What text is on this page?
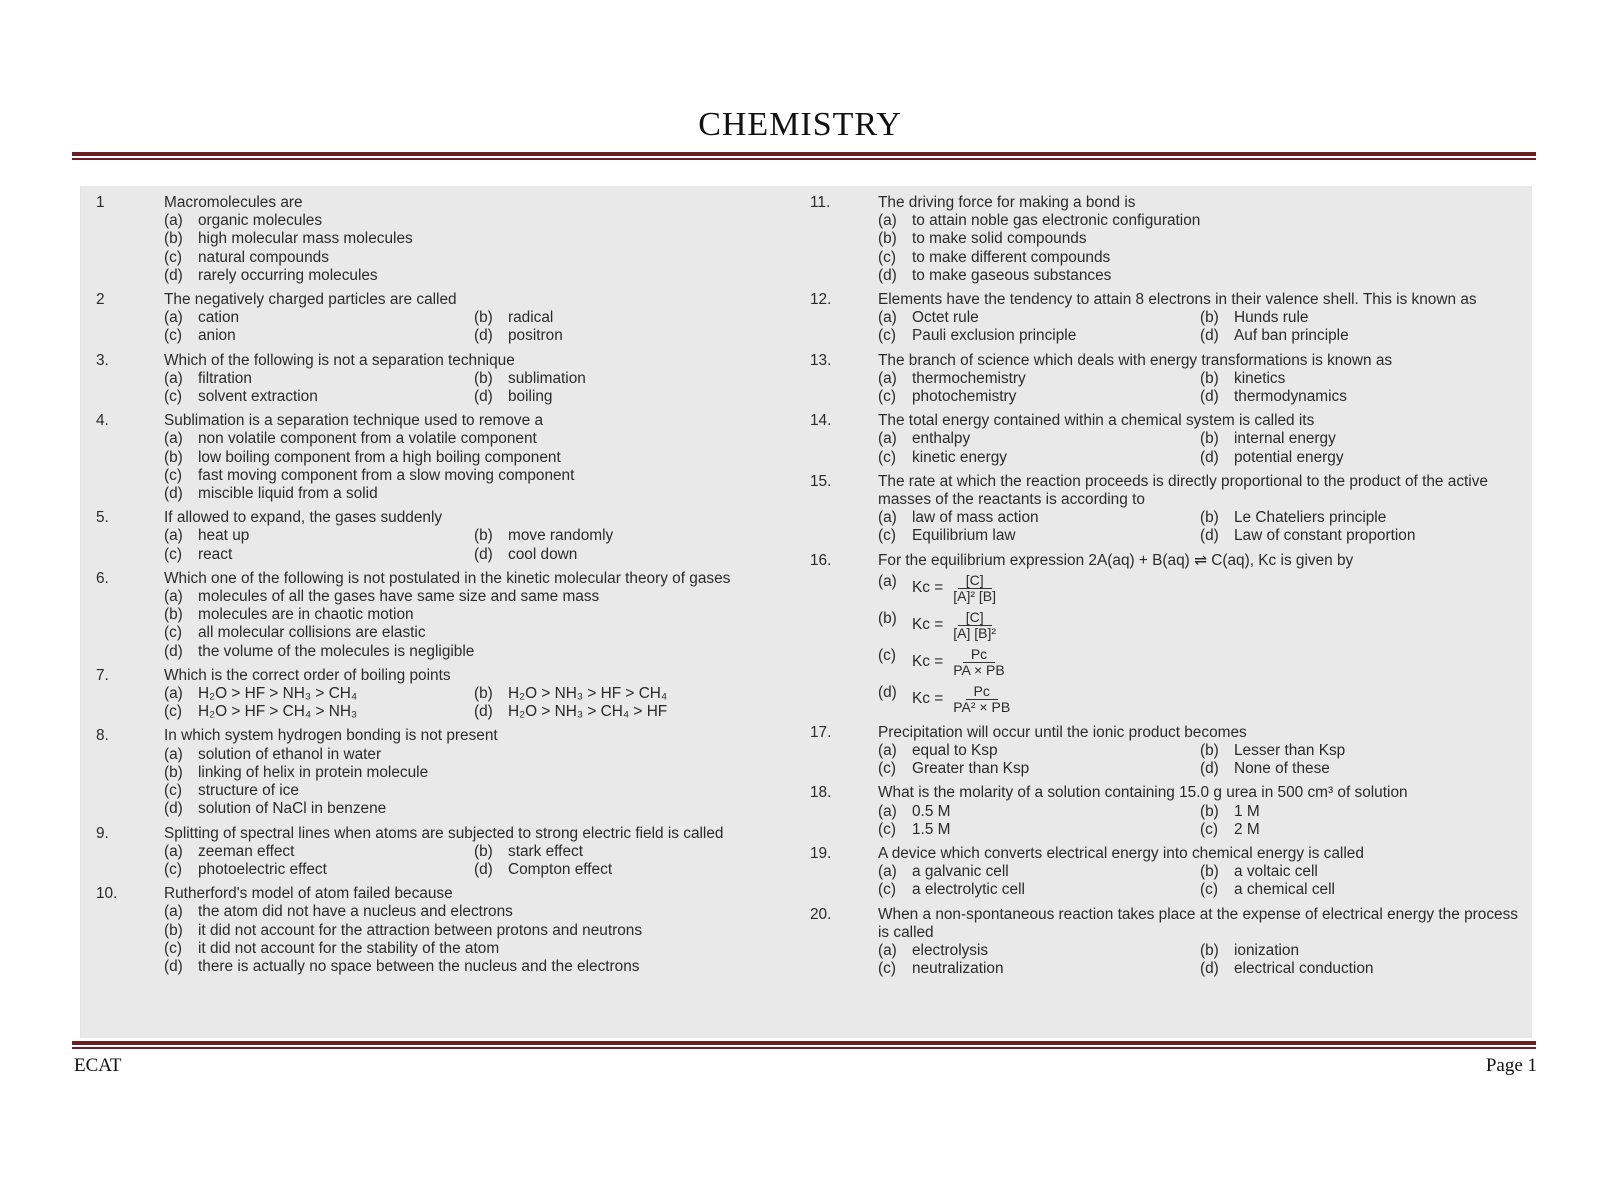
CHEMISTRY
1	Macromolecules are
(a) organic molecules
(b) high molecular mass molecules
(c)	natural compounds
(d) rarely occurring molecules
2	The negatively charged particles are called
(a) cation	(b) radical
(c)	anion	(d) positron
3.	Which of the following is not a separation technique
(a) filtration	(b) sublimation
(c)	solvent extraction	(d) boiling
4.	Sublimation is a separation technique used to remove a
(a) non volatile component from a volatile component
(b) low boiling component from a high boiling component
(c)	fast moving component from a slow moving component
(d) miscible liquid from a solid
5.	If allowed to expand, the gases suddenly
(a) heat up	(b) move randomly
(c)	react	(d) cool down
6.	Which one of the following is not postulated in the kinetic molecular theory of gases
(a) molecules of all the gases have same size and same mass
(b) molecules are in chaotic motion
(c)	all molecular collisions are elastic
(d) the volume of the molecules is negligible
7.	Which is the correct order of boiling points
(a) H₂O > HF > NH₃ > CH₄	(b) H₂O > NH₃ > HF > CH₄
(c)	H₂O > HF > CH₄ > NH₃	(d) H₂O > NH₃ > CH₄ > HF
8.	In which system hydrogen bonding is not present
(a) solution of ethanol in water
(b) linking of helix in protein molecule
(c)	structure of ice
(d) solution of NaCl in benzene
9.	Splitting of spectral lines when atoms are subjected to strong electric field is called
(a) zeeman effect	(b) stark effect
(c)	photoelectric effect	(d) Compton effect
10.	Rutherford's model of atom failed because
(a) the atom did not have a nucleus and electrons
(b) it did not account for the attraction between protons and neutrons
(c)	it did not account for the stability of the atom
(d) there is actually no space between the nucleus and the electrons
11.	The driving force for making a bond is
(a) to attain noble gas electronic configuration
(b) to make solid compounds
(c)	to make different compounds
(d) to make gaseous substances
12.	Elements have the tendency to attain 8 electrons in their valence shell. This is known as
(a) Octet rule	(b) Hunds rule
(c)	Pauli exclusion principle	(d) Auf ban principle
13.	The branch of science which deals with energy transformations is known as
(a) thermochemistry	(b) kinetics
(c)	photochemistry	(d) thermodynamics
14.	The total energy contained within a chemical system is called its
(a) enthalpy	(b) internal energy
(c)	kinetic energy	(d) potential energy
15.	The rate at which the reaction proceeds is directly proportional to the product of the active masses of the reactants is according to
(a) law of mass action	(b) Le Chateliers principle
(c)	Equilibrium law	(d) Law of constant proportion
16.	For the equilibrium expression 2A(aq) + B(aq) ⇌ C(aq), Kc is given by
(a) $Kc = \frac{[C]}{\text{[A]² [B]}}$
(b) $Kc = \frac{[C]}{\text{[A] [B]²}}$
(c)	$Kc = \frac{Pc}{PA \times PB}$
(d) $Kc = \frac{Pc}{\text{PA² × PB}}$
17.	Precipitation will occur until the ionic product becomes
(a) equal to Ksp	(b) Lesser than Ksp
(c)	Greater than Ksp	(d) None of these
18.	What is the molarity of a solution containing 15.0 g urea in 500 cm³ of solution
(a) 0.5 M	(b) 1 M
(c)	1.5 M	(c)	2 M
19.	A device which converts electrical energy into chemical energy is called
(a) a galvanic cell	(b) a voltaic cell
(c)	a electrolytic cell	(c)	a chemical cell
20.	When a non-spontaneous reaction takes place at the expense of electrical energy the process is called
(a) electrolysis	(b) ionization
(c)	neutralization	(d) electrical conduction
ECAT	Page 1
